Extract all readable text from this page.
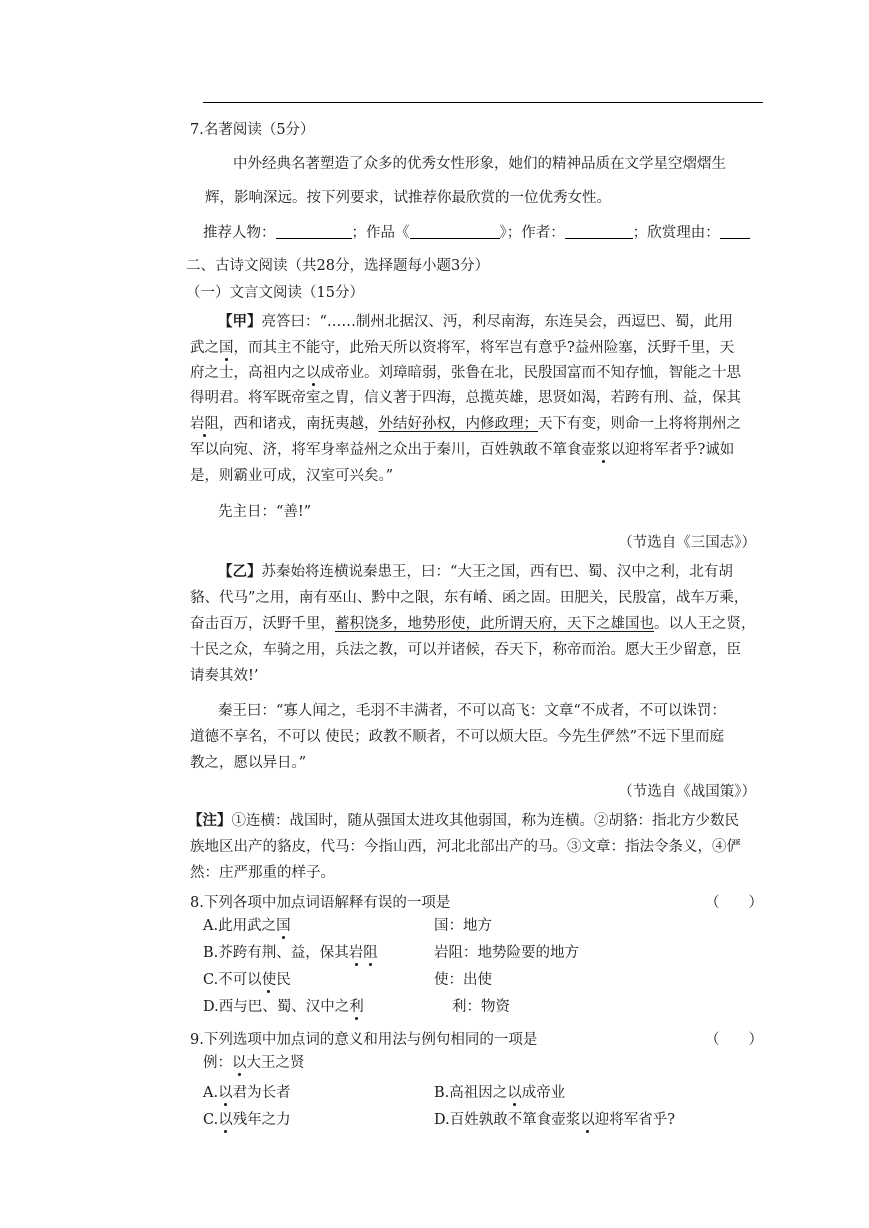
7.名著阅读（5分）
中外经典名著塑造了众多的优秀女性形象，她们的精神品质在文学星空熠熠生
辉，影响深远。按下列要求，试推荐你最欣赏的一位优秀女性。
推荐人物：	；作品《	》；作者：	；欣赏理由：
二、古诗文阅读（共28分，选择题每小题3分）
（一）文言文阅读（15分）
【甲】亮答曰：“……制州北据汉、沔，利尽南海，东连吴会，西逗巴、蜀，此用
武之国，而其主不能守，此殆天所以资将军，将军岂有意乎?益州险塞，沃野千里，天
府之士，高祖内之以成帝业。刘璋暗弱，张鲁在北，民殷国富而不知存恤，智能之十思
得明君。将军既帝室之胄，信义著于四海，总揽英雄，思贤如渴，若跨有刑、益，保其
岩阻，西和诸戎，南抚夷越，外结好孙权，内修政理；天下有变，则命一上将将荆州之
军以向宛、济，将军身率益州之众出于秦川，百姓孰敢不箪食壶浆以迎将军者乎?诚如
是，则霸业可成，汉室可兴矣。”
先主日：“善!”
（节选自《三国志》）
【乙】苏秦始将连横说秦患王，曰：“大王之国，西有巴、蜀、汉中之利，北有胡
貉、代马”之用，南有巫山、黔中之限，东有崤、函之固。田肥关，民殷富，战车万乘，
奋击百万，沃野千里，蓄积饶多，地势形使，此所谓天府，天下之雄国也。以人王之贤，
十民之众，车骑之用，兵法之教，可以并诸候，吞天下，称帝而治。愿大王少留意，臣
请奏其效!’
秦王曰：“寡人闻之，毛羽不丰满者，不可以高飞：文章“不成者，不可以诛罚：
道德不享名，不可以 使民；政教不顺者，不可以烦大臣。今先生俨然”不远下里而庭
教之，愿以异日。”
（节选自《战国策》）
【注】①连横：战国时，随从强国太进攻其他弱国，称为连横。②胡貉：指北方少数民
族地区出产的貉皮，代马：今指山西，河北北部出产的马。③文章：指法令条义，④俨
然：庄严那重的样子。
8.下列各项中加点词语解释有误的一项是	（　　）
A.此用武之国	国：地方
B.芥跨有荆、益，保其岩阻	岩阻：地势险要的地方
C.不可以使民	使：出使
D.西与巴、蜀、汉中之利	利：物资
9.下列选项中加点词的意义和用法与例句相同的一项是	（　　）
例：以大王之贤
A.以君为长者	B.高祖因之以成帝业
C.以残年之力	D.百姓孰敢不箪食壶浆以迎将军省乎?
